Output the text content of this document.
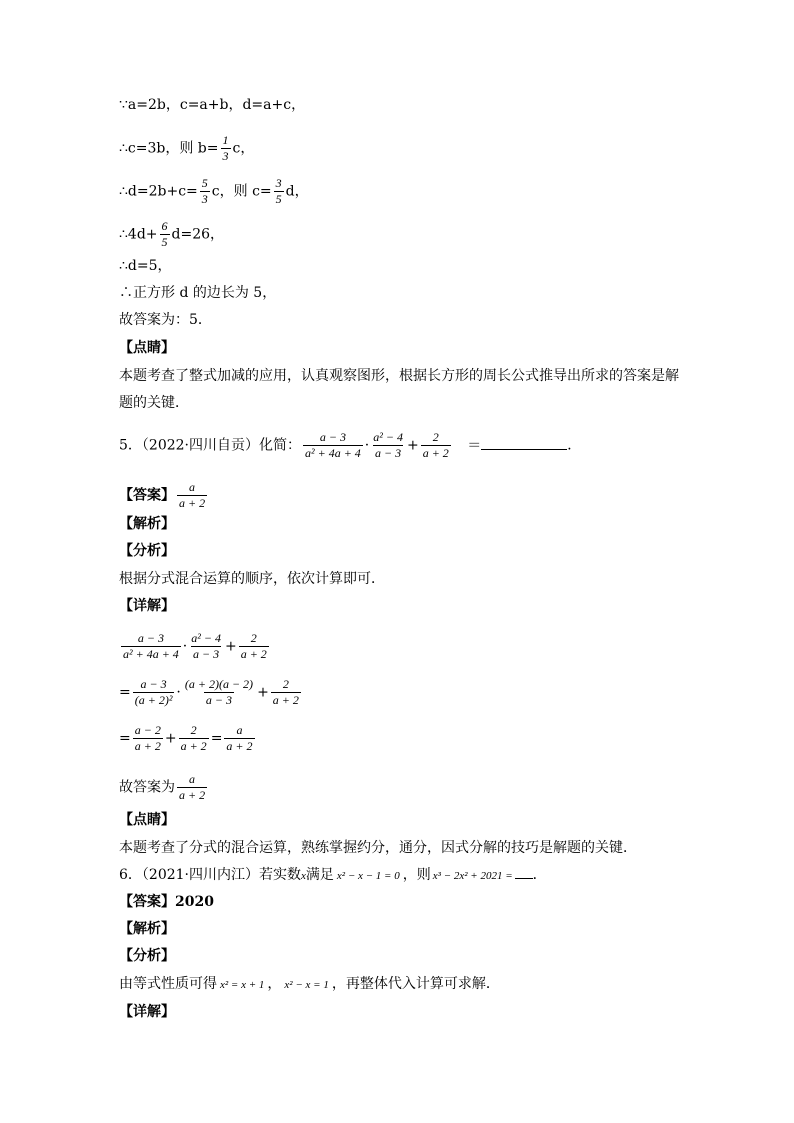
∵a=2b，c=a+b，d=a+c，
∴c=3b，则 $b= \frac{1}{3}$ c，
∴d=2b+c= $\frac{5}{3}$ c，则 $c= \frac{3}{5}$ d，
∴4d+ $\frac{6}{5} d=26$，
∴d=5，
∴正方形 d 的边长为 5，
故答案为：5．
【点睛】
本题考查了整式加减的应用，认真观察图形，根据长方形的周长公式推导出所求的答案是解
题的关键．
5．（2022·四川自贡）化简： $\frac{a - 3}{\text{a² + 4a + 4}} \cdot \frac{\text{a² − 4}}{a - 3} + \frac{2}{a + 2}$ ＝	．
【答案】 $\frac{a}{a + 2}$
【解析】
【分析】
根据分式混合运算的顺序，依次计算即可．
【详解】
$\frac{a - 3}{\text{a² + 4a + 4}} \cdot \frac{\text{a² − 4}}{a - 3} + \frac{2}{a + 2}$
= $\frac{a - 3}{\text{(a + 2)²}} \cdot \frac{(a + 2)(a - 2)}{a - 3} + \frac{2}{a + 2}$
= $\frac{a - 2}{a + 2} + \frac{2}{a + 2} = \frac{a}{a + 2}$
故答案为 $\frac{a}{a + 2}$
【点睛】
本题考查了分式的混合运算，熟练掌握约分，通分，因式分解的技巧是解题的关键．
6．（2021·四川内江）若实数x满足 x² − x − 1 = 0 ，则 x³ − 2x² + 2021 = ．
【答案】2020
【解析】
【分析】
由等式性质可得 x² = x + 1 ， x² − x = 1 ，再整体代入计算可求解．
【详解】
